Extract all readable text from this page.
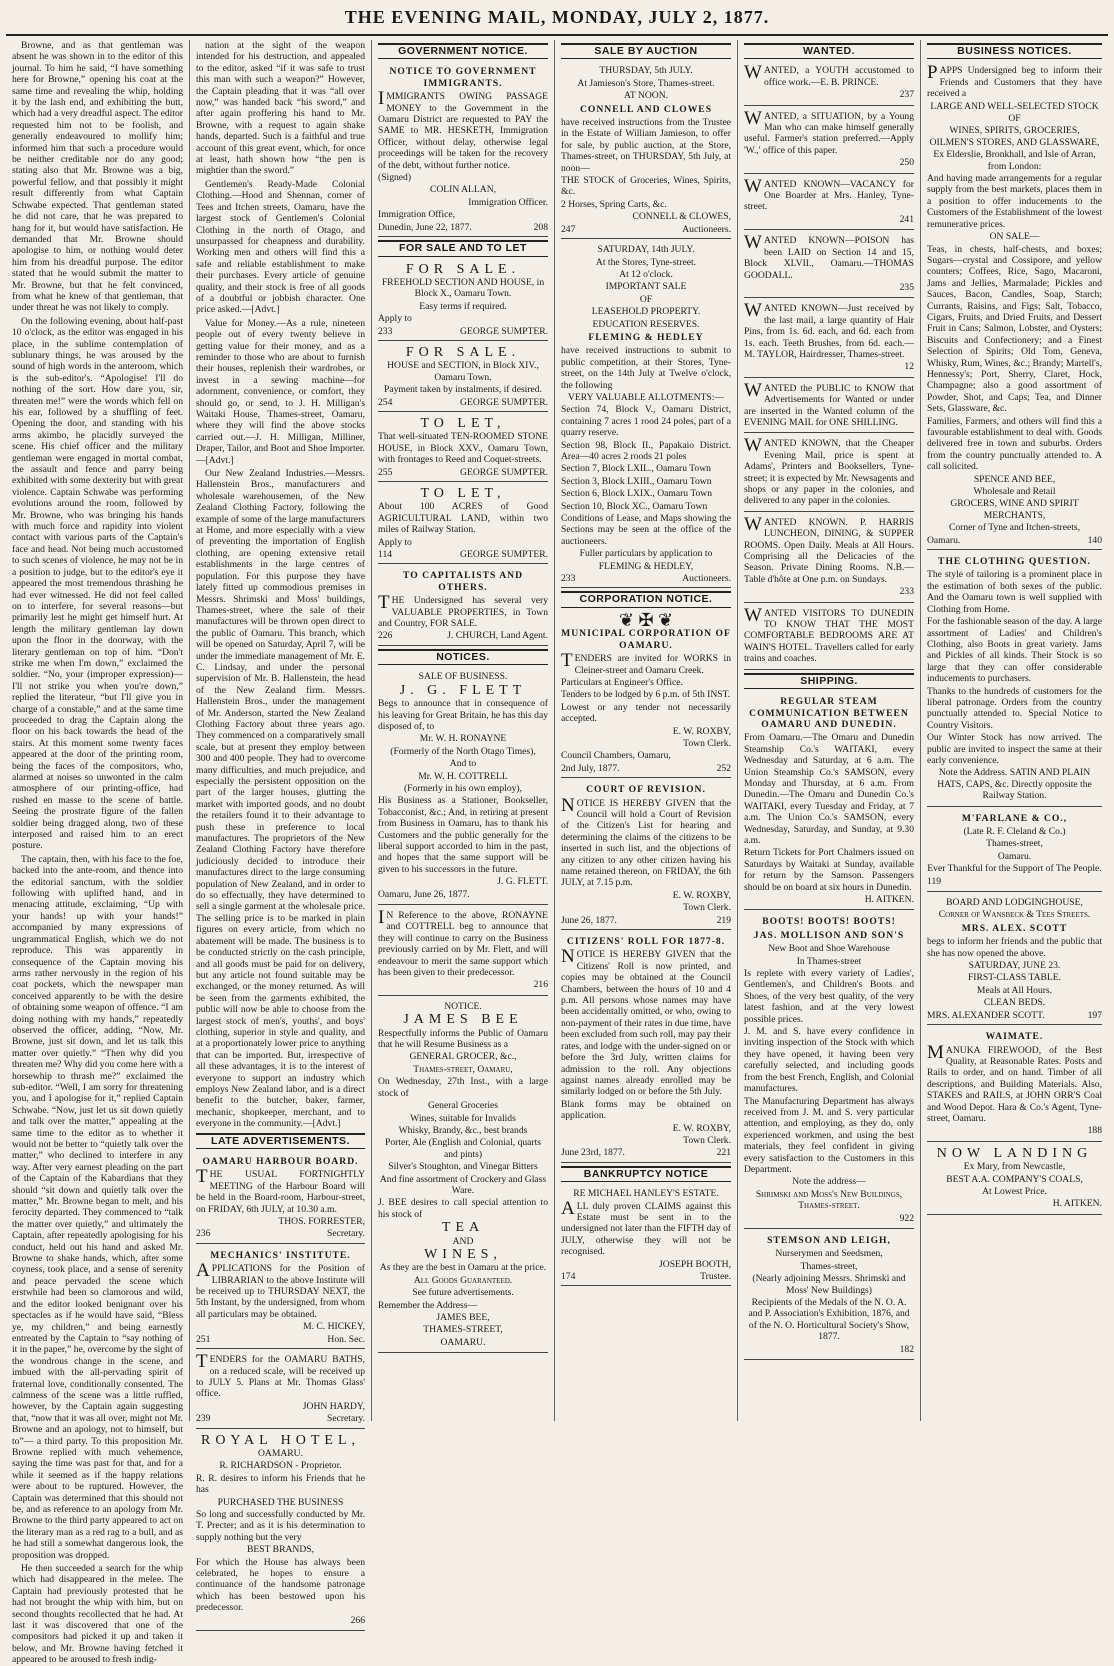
THE EVENING MAIL, MONDAY, JULY 2, 1877.

Browne, and as that gentleman was absent he was shown in to the editor of this journal. To him he said, “I have something here for Browne,” opening his coat at the same time and revealing the whip, holding it by the lash end, and exhibiting the butt, which had a very dreadful aspect. The editor requested him not to be foolish, and generally endeavoured to mollify him; informed him that such a procedure would be neither creditable nor do any good; stating also that Mr. Browne was a big, powerful fellow, and that possibly it might result differently from what Captain Schwabe expected. That gentleman stated he did not care, that he was prepared to hang for it, but would have satisfaction. He demanded that Mr. Browne should apologise to him, or nothing would deter him from his dreadful purpose. The editor stated that he would submit the matter to Mr. Browne, but that he felt convinced, from what he knew of that gentleman, that under threat he was not likely to comply.

On the following evening, about half-past 10 o'clock, as the editor was engaged in his place, in the sublime contemplation of sublunary things, he was aroused by the sound of high words in the anteroom, which is the sub-editor's. “Apologise! I'll do nothing of the sort. How dare you, sir, threaten me!” were the words which fell on his ear, followed by a shuffling of feet. Opening the door, and standing with his arms akimbo, he placidly surveyed the scene. His chief officer and the military gentleman were engaged in mortal combat, the assault and fence and parry being exhibited with some dexterity but with great violence. Captain Schwabe was performing evolutions around the room, followed by Mr. Browne, who was bringing his hands with much force and rapidity into violent contact with various parts of the Captain's face and head. Not being much accustomed to such scenes of violence, he may not be in a position to judge, but to the editor's eye it appeared the most tremendous thrashing he had ever witnessed. He did not feel called on to interfere, for several reasons—but primarily lest he might get himself hurt. At length the military gentleman lay down upon the floor in the doorway, with the literary gentleman on top of him. “Don't strike me when I'm down,” exclaimed the soldier. “No, your (improper expression)—I'll not strike you when you're down,” replied the literateur, “but I'll give you in charge of a constable,” and at the same time proceeded to drag the Captain along the floor on his back towards the head of the stairs. At this moment some twenty faces appeared at the door of the printing room, being the faces of the compositors, who, alarmed at noises so unwonted in the calm atmosphere of our printing-office, had rushed en masse to the scene of battle. Seeing the prostrate figure of the fallen soldier being dragged along, two of these interposed and raised him to an erect posture.

The captain, then, with his face to the foe, backed into the ante-room, and thence into the editorial sanctum, with the soldier following with uplifted hand, and in menacing attitude, exclaiming, “Up with your hands! up with your hands!” accompanied by many expressions of ungrammatical English, which we do not reproduce. This was apparently in consequence of the Captain moving his arms rather nervously in the region of his coat pockets, which the newspaper man conceived apparently to be with the desire of obtaining some weapon of offence. “I am doing nothing with my hands,” repeatedly observed the officer, adding, “Now, Mr. Browne, just sit down, and let us talk this matter over quietly.” “Then why did you threaten me? Why did you come here with a horsewhip to thrash me?” exclaimed the sub-editor. “Well, I am sorry for threatening you, and I apologise for it,” replied Captain Schwabe. “Now, just let us sit down quietly and talk over the matter,” appealing at the same time to the editor as to whether it would not be better to “quietly talk over the matter,” who declined to interfere in any way. After very earnest pleading on the part of the Captain of the Kabardians that they should “sit down and quietly talk over the matter,” Mr. Browne began to melt, and his ferocity departed. They commenced to “talk the matter over quietly,” and ultimately the Captain, after repeatedly apologising for his conduct, held out his hand and asked Mr. Browne to shake hands, which, after some coyness, took place, and a sense of serenity and peace pervaded the scene which erstwhile had been so clamorous and wild, and the editor looked benignant over his spectacles as if he would have said, “Bless ye, my children,” and being earnestly entreated by the Captain to “say nothing of it in the paper,” he, overcome by the sight of the wondrous change in the scene, and imbued with the all-pervading spirit of fraternal love, conditionally consented. The calmness of the scene was a little ruffled, however, by the Captain again suggesting that, “now that it was all over, might not Mr. Browne and an apology, not to himself, but to”— a third party. To this proposition Mr. Browne replied with much vehemence, saying the time was past for that, and for a while it seemed as if the happy relations were about to be ruptured. However, the Captain was determined that this should not be, and as reference to an apology from Mr. Browne to the third party appeared to act on the literary man as a red rag to a bull, and as he had still a somewhat dangerous look, the proposition was dropped.

He then succeeded a search for the whip which had disappeared in the melee. The Captain had previously protested that he had not brought the whip with him, but on second thoughts recollected that he had. At last it was discovered that one of the compositors had picked it up and taken it below, and Mr. Browne having fetched it appeared to be aroused to fresh indig-

nation at the sight of the weapon intended for his destruction, and appealed to the editor, asked “if it was safe to trust this man with such a weapon?” However, the Captain pleading that it was “all over now,” was handed back “his sword,” and after again proffering his hand to Mr. Browne, with a request to again shake hands, departed. Such is a faithful and true account of this great event, which, for once at least, hath shown how “the pen is mightier than the sword.”

Gentlemen's Ready-Made Colonial Clothing.—Hood and Shennan, corner of Tees and Itchen streets, Oamaru, have the largest stock of Gentlemen's Colonial Clothing in the north of Otago, and unsurpassed for cheapness and durability. Working men and others will find this a safe and reliable establishment to make their purchases. Every article of genuine quality, and their stock is free of all goods of a doubtful or jobbish character. One price asked.—[Advt.]

Value for Money.—As a rule, nineteen people out of every twenty believe in getting value for their money, and as a reminder to those who are about to furnish their houses, replenish their wardrobes, or invest in a sewing machine—for adornment, convenience, or comfort, they should go, or send, to J. H. Milligan's Waitaki House, Thames-street, Oamaru, where they will find the above stocks carried out.—J. H. Milligan, Milliner, Draper, Tailor, and Boot and Shoe Importer.—[Advt.]

Our New Zealand Industries.—Messrs. Hallenstein Bros., manufacturers and wholesale warehousemen, of the New Zealand Clothing Factory, following the example of some of the large manufacturers at Home, and more especially with a view of preventing the importation of English clothing, are opening extensive retail establishments in the large centres of population. For this purpose they have lately fitted up commodious premises in Messrs. Shrimski and Moss' buildings, Thames-street, where the sale of their manufactures will be thrown open direct to the public of Oamaru. This branch, which will be opened on Saturday, April 7, will be under the immediate management of Mr. E. C. Lindsay, and under the personal supervision of Mr. B. Hallenstein, the head of the New Zealand firm. Messrs. Hallenstein Bros., under the management of Mr. Anderson, started the New Zealand Clothing Factory about three years ago. They commenced on a comparatively small scale, but at present they employ between 300 and 400 people. They had to overcome many difficulties, and much prejudice, and especially the persistent opposition on the part of the larger houses, glutting the market with imported goods, and no doubt the retailers found it to their advantage to push these in preference to local manufactures. The proprietors of the New Zealand Clothing Factory have therefore judiciously decided to introduce their manufactures direct to the large consuming population of New Zealand, and in order to do so effectually, they have determined to sell a single garment at the wholesale price. The selling price is to be marked in plain figures on every article, from which no abatement will be made. The business is to be conducted strictly on the cash principle, and all goods must be paid for on delivery, but any article not found suitable may be exchanged, or the money returned. As will be seen from the garments exhibited, the public will now be able to choose from the largest stock of men's, youths', and boys' clothing, superior in style and quality, and at a proportionately lower price to anything that can be imported. But, irrespective of all these advantages, it is to the interest of everyone to support an industry which employs New Zealand labor, and is a direct benefit to the butcher, baker, farmer, mechanic, shopkeeper, merchant, and to everyone in the community.—[Advt.]

LATE ADVERTISEMENTS.
OAMARU HARBOUR BOARD.
THE USUAL FORTNIGHTLY MEETING of the Harbour Board will be held in the Board-room, Harbour-street, on FRIDAY, 6th JULY, at 10.30 a.m.
THOS. FORRESTER,
236	Secretary.
MECHANICS' INSTITUTE.
APPLICATIONS for the Position of LIBRARIAN to the above Institute will be received up to THURSDAY NEXT, the 5th Instant, by the undersigned, from whom all particulars may be obtained.
M. C. HICKEY,
251	Hon. Sec.
TENDERS for the OAMARU BATHS, on a reduced scale, will be received up to JULY 5. Plans at Mr. Thomas Glass' office.
JOHN HARDY,
239	Secretary.
ROYAL HOTEL,
OAMARU.
R. RICHARDSON - Proprietor.
R. R. desires to inform his Friends that he has
PURCHASED THE BUSINESS
So long and successfully conducted by Mr. T. Precter; and as it is his determination to supply nothing but the very
BEST BRANDS,
For which the House has always been celebrated, he hopes to ensure a continuance of the handsome patronage which has been bestowed upon his predecessor.
266
GOVERNMENT NOTICE.
NOTICE TO GOVERNMENT IMMIGRANTS.
IMMIGRANTS OWING PASSAGE MONEY to the Government in the Oamaru District are requested to PAY the SAME to MR. HESKETH, Immigration Officer, without delay, otherwise legal proceedings will be taken for the recovery of the debt, without further notice.
(Signed)
COLIN ALLAN,
Immigration Officer.
Immigration Office,
Dunedin, June 22, 1877.	208
FOR SALE AND TO LET
FOR SALE.
FREEHOLD SECTION AND HOUSE, in Block X., Oamaru Town.
Easy terms if required.
Apply to
233	GEORGE SUMPTER.
FOR SALE.
HOUSE and SECTION, in Block XIV., Oamaru Town.
Payment taken by instalments, if desired.
254	GEORGE SUMPTER.
TO LET,
That well-situated TEN-ROOMED STONE HOUSE, in Block XXV., Oamaru Town, with frontages to Reed and Coquet-streets.
255	GEORGE SUMPTER.
TO LET,
About 100 ACRES of Good AGRICULTURAL LAND, within two miles of Railway Station.
Apply to
114	GEORGE SUMPTER.
TO CAPITALISTS AND OTHERS.
THE Undersigned has several very VALUABLE PROPERTIES, in Town and Country, FOR SALE.
226	J. CHURCH, Land Agent.
NOTICES.
SALE OF BUSINESS.
J. G. FLETT
Begs to announce that in consequence of his leaving for Great Britain, he has this day disposed of, to
Mr. W. H. RONAYNE
(Formerly of the North Otago Times),
And to
Mr. W. H. COTTRELL
(Formerly in his own employ),
His Business as a Stationer, Bookseller, Tobacconist, &c.; And, in retiring at present from Business in Oamaru, has to thank his Customers and the public generally for the liberal support accorded to him in the past, and hopes that the same support will be given to his successors in the future.
J. G. FLETT.
Oamaru, June 26, 1877.
IN Reference to the above, RONAYNE and COTTRELL beg to announce that they will continue to carry on the Business previously carried on by Mr. Flett, and will endeavour to merit the same support which has been given to their predecessor.
216
NOTICE.
JAMES BEE
Respectfully informs the Public of Oamaru that he will Resume Business as a
GENERAL GROCER, &c.,
Thames-street, Oamaru,
On Wednesday, 27th Inst., with a large stock of
General Groceries
Wines, suitable for Invalids
Whisky, Brandy, &c., best brands
Porter, Ale (English and Colonial, quarts and pints)
Silver's Stoughton, and Vinegar Bitters
And fine assortment of Crockery and Glass Ware.
J. BEE desires to call special attention to his stock of
TEA
AND
WINES,
As they are the best in Oamaru at the price.
All Goods Guaranteed.
See future advertisements.
Remember the Address—
JAMES BEE,
THAMES-STREET,
OAMARU.
SALE BY AUCTION
THURSDAY, 5th JULY.
At Jamieson's Store, Thames-street.
AT NOON.
CONNELL AND CLOWES
have received instructions from the Trustee in the Estate of William Jamieson, to offer for sale, by public auction, at the Store, Thames-street, on THURSDAY, 5th July, at noon—
THE STOCK of Groceries, Wines, Spirits, &c.
2 Horses, Spring Carts, &c.
CONNELL & CLOWES,
247	Auctioneers.
SATURDAY, 14th JULY.
At the Stores, Tyne-street.
At 12 o'clock.
IMPORTANT SALE
OF
LEASEHOLD PROPERTY.
EDUCATION RESERVES.
FLEMING & HEDLEY
have received instructions to submit to public competition, at their Stores, Tyne-street, on the 14th July at Twelve o'clock, the following
VERY VALUABLE ALLOTMENTS:—
Section 74, Block V., Oamaru District, containing 7 acres 1 rood 24 poles, part of a quarry reserve.
Section 98, Block II., Papakaio District. Area—40 acres 2 roods 21 poles
Section 7, Block LXIL., Oamaru Town
Section 3, Block LXIII., Oamaru Town
Section 6, Block LXIX., Oamaru Town
Section 10, Block XC., Oamaru Town
Conditions of Lease, and Maps showing the Sections may be seen at the office of the auctioneers.
Fuller particulars by application to
FLEMING & HEDLEY,
233	Auctioneers.
CORPORATION NOTICE.
❦ ✠ ❦
MUNICIPAL CORPORATION OF OAMARU.
TENDERS are invited for WORKS in Cleiner-street and Oamaru Creek.
Particulars at Engineer's Office.
Tenders to be lodged by 6 p.m. of 5th INST.
Lowest or any tender not necessarily accepted.
E. W. ROXBY,
Town Clerk.
Council Chambers, Oamaru,
2nd July, 1877.	252
COURT OF REVISION.
NOTICE IS HEREBY GIVEN that the Council will hold a Court of Revision of the Citizen's List for hearing and determining the claims of the citizens to be inserted in such list, and the objections of any citizen to any other citizen having his name retained thereon, on FRIDAY, the 6th JULY, at 7.15 p.m.
E. W. ROXBY,
Town Clerk.
June 26, 1877.	219
CITIZENS' ROLL FOR 1877-8.
NOTICE IS HEREBY GIVEN that the Citizens' Roll is now printed, and copies may be obtained at the Council Chambers, between the hours of 10 and 4 p.m. All persons whose names may have been accidentally omitted, or who, owing to non-payment of their rates in due time, have been excluded from such roll, may pay their rates, and lodge with the under-signed on or before the 3rd July, written claims for admission to the roll. Any objections against names already enrolled may be similarly lodged on or before the 5th July.
Blank forms may be obtained on application.
E. W. ROXBY,
Town Clerk.
June 23rd, 1877.	221
BANKRUPTCY NOTICE
RE MICHAEL HANLEY'S ESTATE.
ALL duly proven CLAIMS against this Estate must be sent in to the undersigned not later than the FIFTH day of JULY, otherwise they will not be recognised.
JOSEPH BOOTH,
174	Trustee.
WANTED.
WANTED, a YOUTH accustomed to office work.—E. B. PRINCE.
237
WANTED, a SITUATION, by a Young Man who can make himself generally useful. Farmer's station preferred.—Apply 'W.,' office of this paper.
250
WANTED KNOWN—VACANCY for One Boarder at Mrs. Hanley, Tyne-street.
241
WANTED KNOWN—POISON has been LAID on Section 14 and 15, Block XLVII., Oamaru.—THOMAS GOODALL.
235
WANTED KNOWN—Just received by the last mail, a large quantity of Hair Pins, from 1s. 6d. each, and 6d. each from 1s. each. Teeth Brushes, from 6d. each.—M. TAYLOR, Hairdresser, Thames-street.
12
WANTED the PUBLIC to KNOW that Advertisements for Wanted or under are inserted in the Wanted column of the EVENING MAIL for ONE SHILLING.
WANTED KNOWN, that the Cheaper Evening Mail, price is spent at Adams', Printers and Booksellers, Tyne-street; it is expected by Mr. Newsagents and shops or any paper in the colonies, and delivered to any paper in the colonies.
WANTED KNOWN. P. HARRIS LUNCHEON, DINING, & SUPPER ROOMS. Open Daily. Meals at All Hours. Comprising all the Delicacies of the Season. Private Dining Rooms. N.B.—Table d'hôte at One p.m. on Sundays.
233
WANTED VISITORS TO DUNEDIN TO KNOW THAT THE MOST COMFORTABLE BEDROOMS ARE AT WAIN'S HOTEL. Travellers called for early trains and coaches.
SHIPPING.
REGULAR STEAM COMMUNICATION BETWEEN OAMARU AND DUNEDIN.
From Oamaru.—The Omaru and Dunedin Steamship Co.'s WAITAKI, every Wednesday and Saturday, at 6 a.m. The Union Steamship Co.'s SAMSON, every Monday and Thursday, at 6 a.m. From Dunedin.—The Omaru and Dunedin Co.'s WAITAKI, every Tuesday and Friday, at 7 a.m. The Union Co.'s SAMSON, every Wednesday, Saturday, and Sunday, at 9.30 a.m.
Return Tickets for Port Chalmers issued on Saturdays by Waitaki at Sunday, available for return by the Samson. Passengers should be on board at six hours in Dunedin.
H. AITKEN.
BOOTS! BOOTS! BOOTS!
JAS. MOLLISON AND SON'S
New Boot and Shoe Warehouse
In Thames-street
Is replete with every variety of Ladies', Gentlemen's, and Children's Boots and Shoes, of the very best quality, of the very latest fashion, and at the very lowest possible prices.
J. M. and S. have every confidence in inviting inspection of the Stock with which they have opened, it having been very carefully selected, and including goods from the best French, English, and Colonial manufactures.
The Manufacturing Department has always received from J. M. and S. very particular attention, and employing, as they do, only experienced workmen, and using the best materials, they feel confident in giving every satisfaction to the Customers in this Department.
Note the address—
Shrimski and Moss's New Buildings, Thames-street.
922
STEMSON AND LEIGH,
Nurserymen and Seedsmen,
Thames-street,
(Nearly adjoining Messrs. Shrimski and Moss' New Buildings)
Recipients of the Medals of the N. O. A. and P. Association's Exhibition, 1876, and of the N. O. Horticultural Society's Show, 1877.
182
BUSINESS NOTICES.
PAPPS Undersigned beg to inform their Friends and Customers that they have received a
LARGE AND WELL-SELECTED STOCK
OF
WINES, SPIRITS, GROCERIES, OILMEN'S STORES, AND GLASSWARE,
Ex Elderslie, Bronkhall, and Isle of Arran, from London:
And having made arrangements for a regular supply from the best markets, places them in a position to offer inducements to the Customers of the Establishment of the lowest remunerative prices.
ON SALE—
Teas, in chests, half-chests, and boxes; Sugars—crystal and Cossipore, and yellow counters; Coffees, Rice, Sago, Macaroni, Jams and Jellies, Marmalade; Pickles and Sauces, Bacon, Candles, Soap, Starch; Currants, Raisins, and Figs; Salt, Tobacco, Cigars, Fruits, and Dried Fruits, and Dessert Fruit in Cans; Salmon, Lobster, and Oysters; Biscuits and Confectionery; and a Finest Selection of Spirits; Old Tom, Geneva, Whisky, Rum, Wines, &c.; Brandy; Martell's, Hennessy's; Port, Sherry, Claret, Hock, Champagne; also a good assortment of Powder, Shot, and Caps; Tea, and Dinner Sets, Glassware, &c.
Families, Farmers, and others will find this a favourable establishment to deal with. Goods delivered free in town and suburbs. Orders from the country punctually attended to. A call solicited.
SPENCE AND BEE,
Wholesale and Retail
GROCERS, WINE AND SPIRIT MERCHANTS,
Corner of Tyne and Itchen-streets,
Oamaru.	140
THE CLOTHING QUESTION.
The style of tailoring is a prominent place in the estimation of both sexes of the public. And the Oamaru town is well supplied with Clothing from Home.
For the fashionable season of the day. A large assortment of Ladies' and Children's Clothing, also Boots in great variety. Jams and Pickles of all kinds. Their Stock is so large that they can offer considerable inducements to purchasers.
Thanks to the hundreds of customers for the liberal patronage. Orders from the country punctually attended to. Special Notice to Country Visitors.
Our Winter Stock has now arrived. The public are invited to inspect the same at their early convenience.
Note the Address. SATIN AND PLAIN HATS, CAPS, &c. Directly opposite the Railway Station.
M'FARLANE & CO.,
(Late R. F. Cleland & Co.)
Thames-street,
Oamaru.
Ever Thankful for the Support of The People.
119
BOARD AND LODGINGHOUSE,
Corner of Wansbeck & Tees Streets.
MRS. ALEX. SCOTT
begs to inform her friends and the public that she has now opened the above.
SATURDAY, JUNE 23.
FIRST-CLASS TABLE.
Meals at All Hours.
CLEAN BEDS.
MRS. ALEXANDER SCOTT.	197
WAIMATE.
MANUKA FIREWOOD, of the Best Quality, at Reasonable Rates. Posts and Rails to order, and on hand. Timber of all descriptions, and Building Materials. Also, STAKES and RAILS, at JOHN ORR'S Coal and Wood Depot. Hara & Co.'s Agent, Tyne-street, Oamaru.
188
NOW LANDING
Ex Mary, from Newcastle,
BEST A.A. COMPANY'S COALS,
At Lowest Price.
H. AITKEN.
